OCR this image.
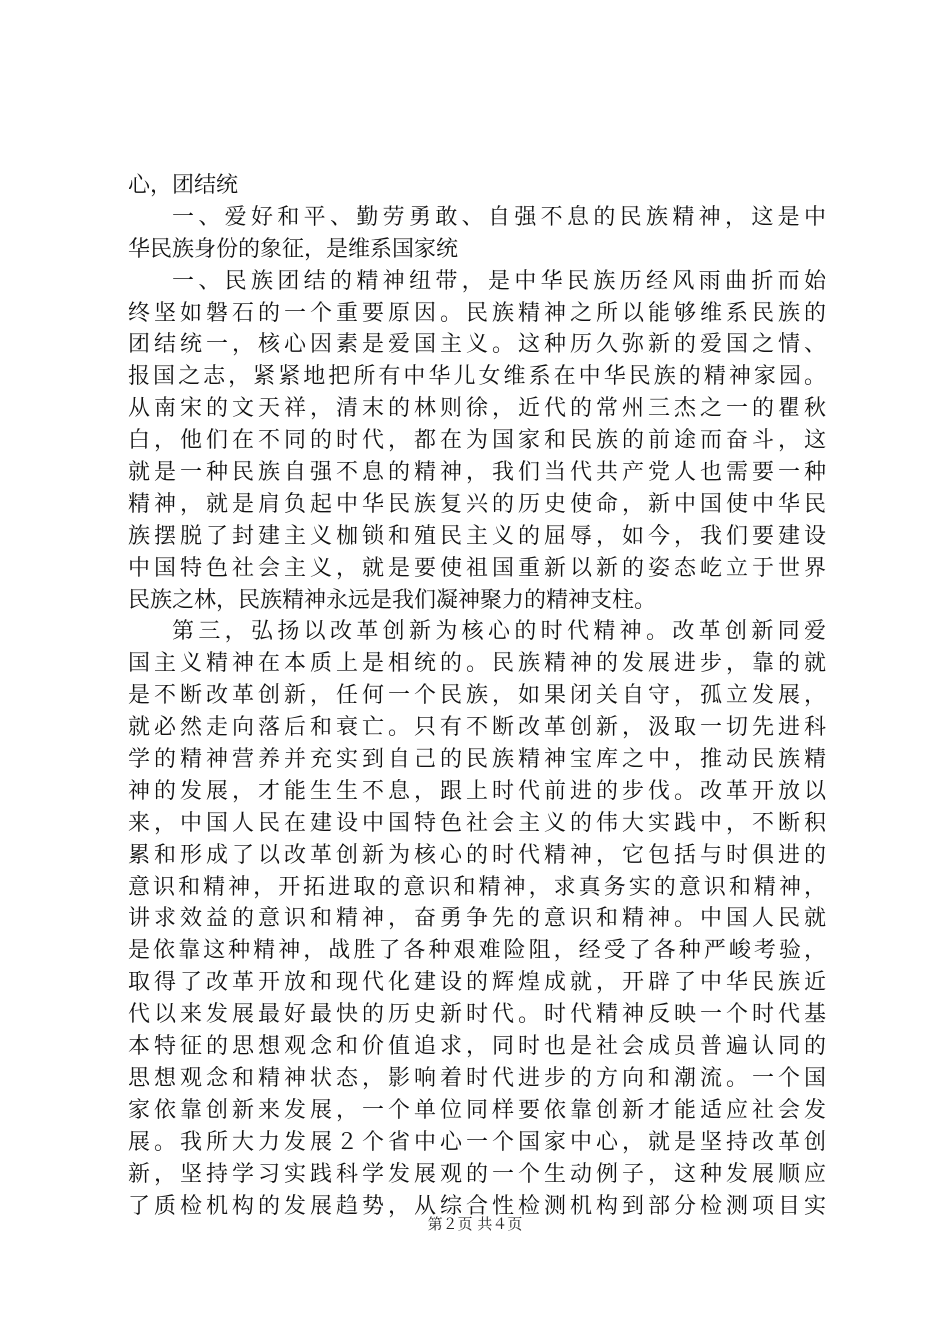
心，团结统
一、爱好和平、勤劳勇敢、自强不息的民族精神，这是中
华民族身份的象征，是维系国家统
一、民族团结的精神纽带，是中华民族历经风雨曲折而始
终坚如磐石的一个重要原因。民族精神之所以能够维系民族的
团结统一，核心因素是爱国主义。这种历久弥新的爱国之情、
报国之志，紧紧地把所有中华儿女维系在中华民族的精神家园。
从南宋的文天祥，清末的林则徐，近代的常州三杰之一的瞿秋
白，他们在不同的时代，都在为国家和民族的前途而奋斗，这
就是一种民族自强不息的精神，我们当代共产党人也需要一种
精神，就是肩负起中华民族复兴的历史使命，新中国使中华民
族摆脱了封建主义枷锁和殖民主义的屈辱，如今，我们要建设
中国特色社会主义，就是要使祖国重新以新的姿态屹立于世界
民族之林，民族精神永远是我们凝神聚力的精神支柱。
第三，弘扬以改革创新为核心的时代精神。改革创新同爱
国主义精神在本质上是相统的。民族精神的发展进步，靠的就
是不断改革创新，任何一个民族，如果闭关自守，孤立发展，
就必然走向落后和衰亡。只有不断改革创新，汲取一切先进科
学的精神营养并充实到自己的民族精神宝库之中，推动民族精
神的发展，才能生生不息，跟上时代前进的步伐。改革开放以
来，中国人民在建设中国特色社会主义的伟大实践中，不断积
累和形成了以改革创新为核心的时代精神，它包括与时俱进的
意识和精神，开拓进取的意识和精神，求真务实的意识和精神，
讲求效益的意识和精神，奋勇争先的意识和精神。中国人民就
是依靠这种精神，战胜了各种艰难险阻，经受了各种严峻考验，
取得了改革开放和现代化建设的辉煌成就，开辟了中华民族近
代以来发展最好最快的历史新时代。时代精神反映一个时代基
本特征的思想观念和价值追求，同时也是社会成员普遍认同的
思想观念和精神状态，影响着时代进步的方向和潮流。一个国
家依靠创新来发展，一个单位同样要依靠创新才能适应社会发
展。我所大力发展２个省中心一个国家中心，就是坚持改革创
新，坚持学习实践科学发展观的一个生动例子，这种发展顺应
了质检机构的发展趋势，从综合性检测机构到部分检测项目实
第２页 共４页
